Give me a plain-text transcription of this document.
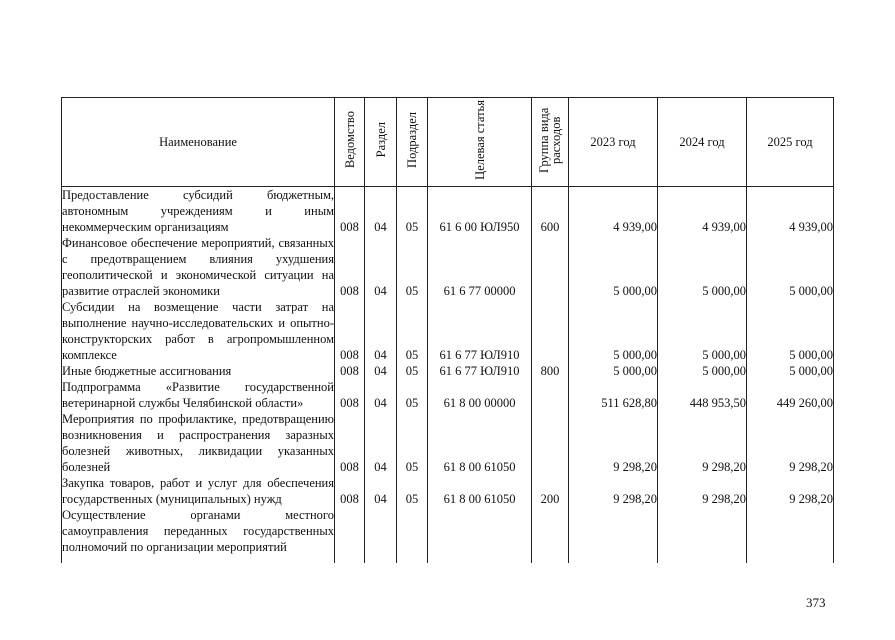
Наименование	Ведомство	Раздел	Подраздел	Целевая статья	Группа вида расходов	2023 год	2024 год	2025 год
Предоставление субсидий бюджетным, автономным учреждениям и иным некоммерческим организациям	008	04	05	61 6 00 ЮЛ950	600	4 939,00	4 939,00	4 939,00
Финансовое обеспечение мероприятий, связанных с предотвращением влияния ухудшения геополитической и экономической ситуации на развитие отраслей экономики	008	04	05	61 6 77 00000		5 000,00	5 000,00	5 000,00
Субсидии на возмещение части затрат на выполнение научно-исследовательских и опытно-конструкторских работ в агропромышленном комплексе	008	04	05	61 6 77 ЮЛ910		5 000,00	5 000,00	5 000,00
Иные бюджетные ассигнования	008	04	05	61 6 77 ЮЛ910	800	5 000,00	5 000,00	5 000,00
Подпрограмма «Развитие государственной ветеринарной службы Челябинской области»	008	04	05	61 8 00 00000		511 628,80	448 953,50	449 260,00
Мероприятия по профилактике, предотвращению возникновения и распространения заразных болезней животных, ликвидации указанных болезней	008	04	05	61 8 00 61050		9 298,20	9 298,20	9 298,20
Закупка товаров, работ и услуг для обеспечения государственных (муниципальных) нужд	008	04	05	61 8 00 61050	200	9 298,20	9 298,20	9 298,20
Осуществление органами местного самоуправления переданных государственных полномочий по организации мероприятий								

373
